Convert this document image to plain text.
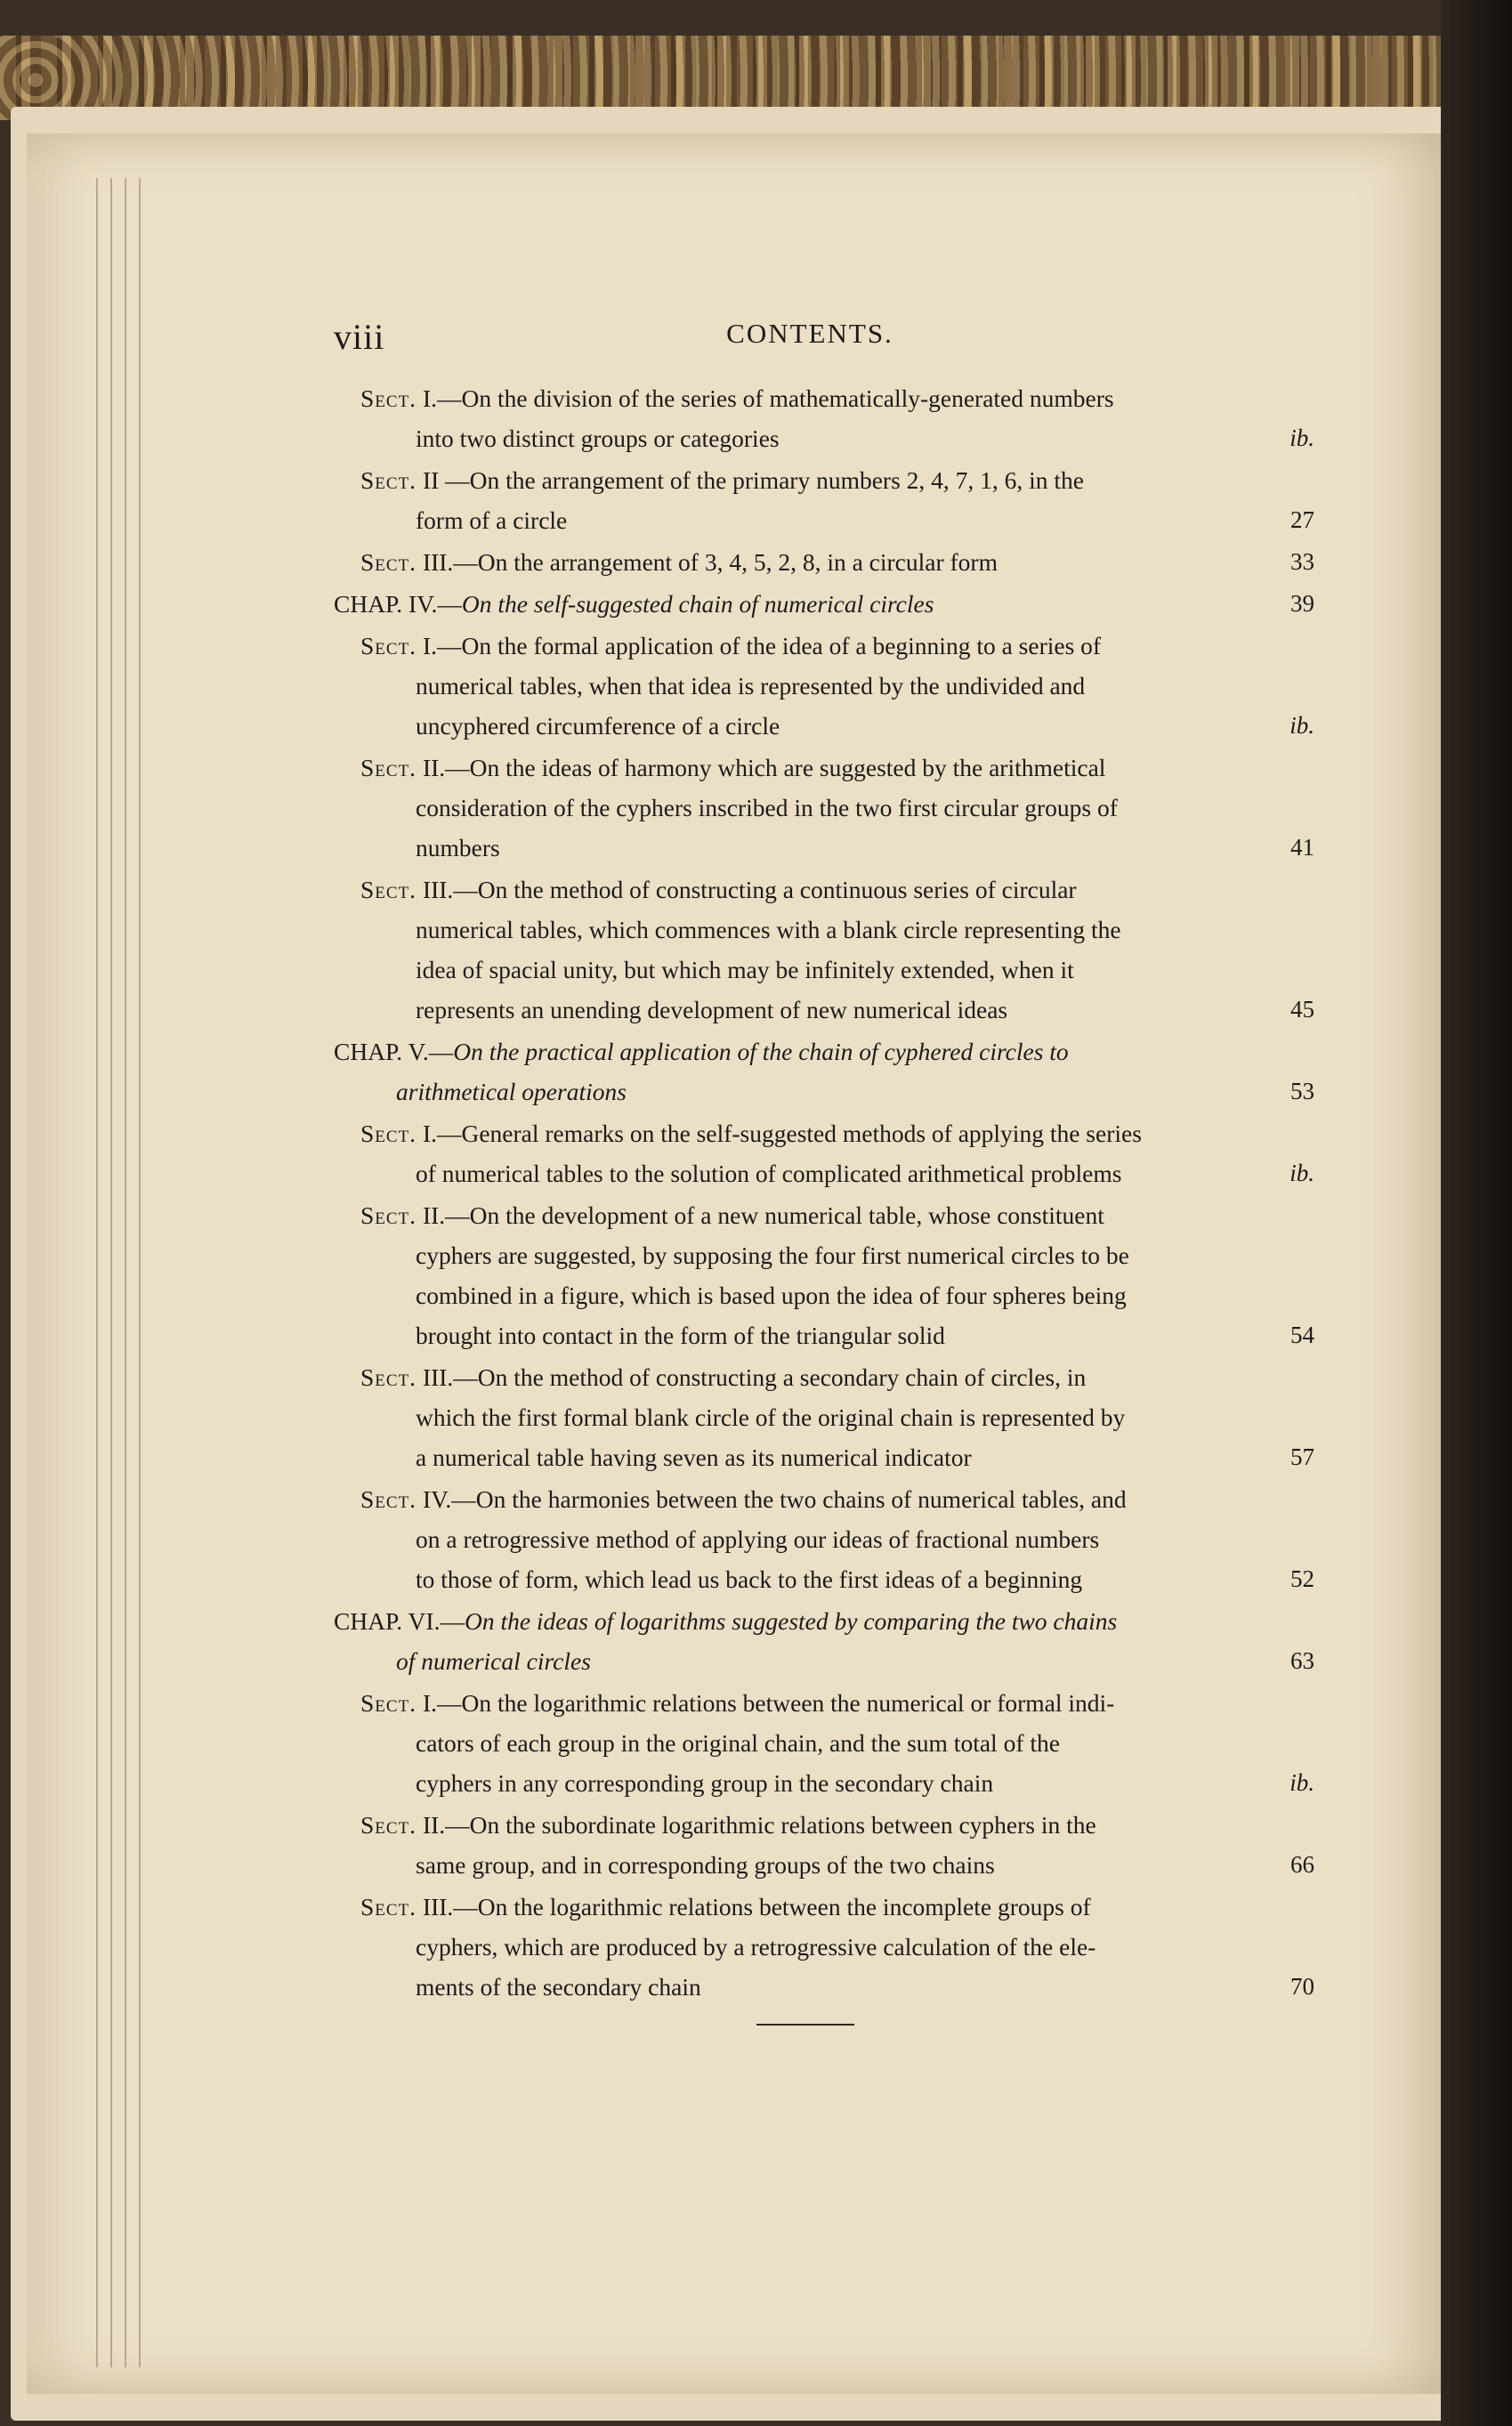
viii	CONTENTS.
Sect. I.—On the division of the series of mathematically-generated numbers
into two distinct groups or categories	ib.
Sect. II —On the arrangement of the primary numbers 2, 4, 7, 1, 6, in the
form of a circle	27
Sect. III.—On the arrangement of 3, 4, 5, 2, 8, in a circular form	33
CHAP. IV.—On the self-suggested chain of numerical circles	39
Sect. I.—On the formal application of the idea of a beginning to a series of
numerical tables, when that idea is represented by the undivided and
uncyphered circumference of a circle	ib.
Sect. II.—On the ideas of harmony which are suggested by the arithmetical
consideration of the cyphers inscribed in the two first circular groups of
numbers	41
Sect. III.—On the method of constructing a continuous series of circular
numerical tables, which commences with a blank circle representing the
idea of spacial unity, but which may be infinitely extended, when it
represents an unending development of new numerical ideas	45
CHAP. V.—On the practical application of the chain of cyphered circles to
arithmetical operations	53
Sect. I.—General remarks on the self-suggested methods of applying the series
of numerical tables to the solution of complicated arithmetical problems	ib.
Sect. II.—On the development of a new numerical table, whose constituent
cyphers are suggested, by supposing the four first numerical circles to be
combined in a figure, which is based upon the idea of four spheres being
brought into contact in the form of the triangular solid	54
Sect. III.—On the method of constructing a secondary chain of circles, in
which the first formal blank circle of the original chain is represented by
a numerical table having seven as its numerical indicator	57
Sect. IV.—On the harmonies between the two chains of numerical tables, and
on a retrogressive method of applying our ideas of fractional numbers
to those of form, which lead us back to the first ideas of a beginning	52
CHAP. VI.—On the ideas of logarithms suggested by comparing the two chains
of numerical circles	63
Sect. I.—On the logarithmic relations between the numerical or formal indi-
cators of each group in the original chain, and the sum total of the
cyphers in any corresponding group in the secondary chain	ib.
Sect. II.—On the subordinate logarithmic relations between cyphers in the
same group, and in corresponding groups of the two chains	66
Sect. III.—On the logarithmic relations between the incomplete groups of
cyphers, which are produced by a retrogressive calculation of the ele-
ments of the secondary chain	70
